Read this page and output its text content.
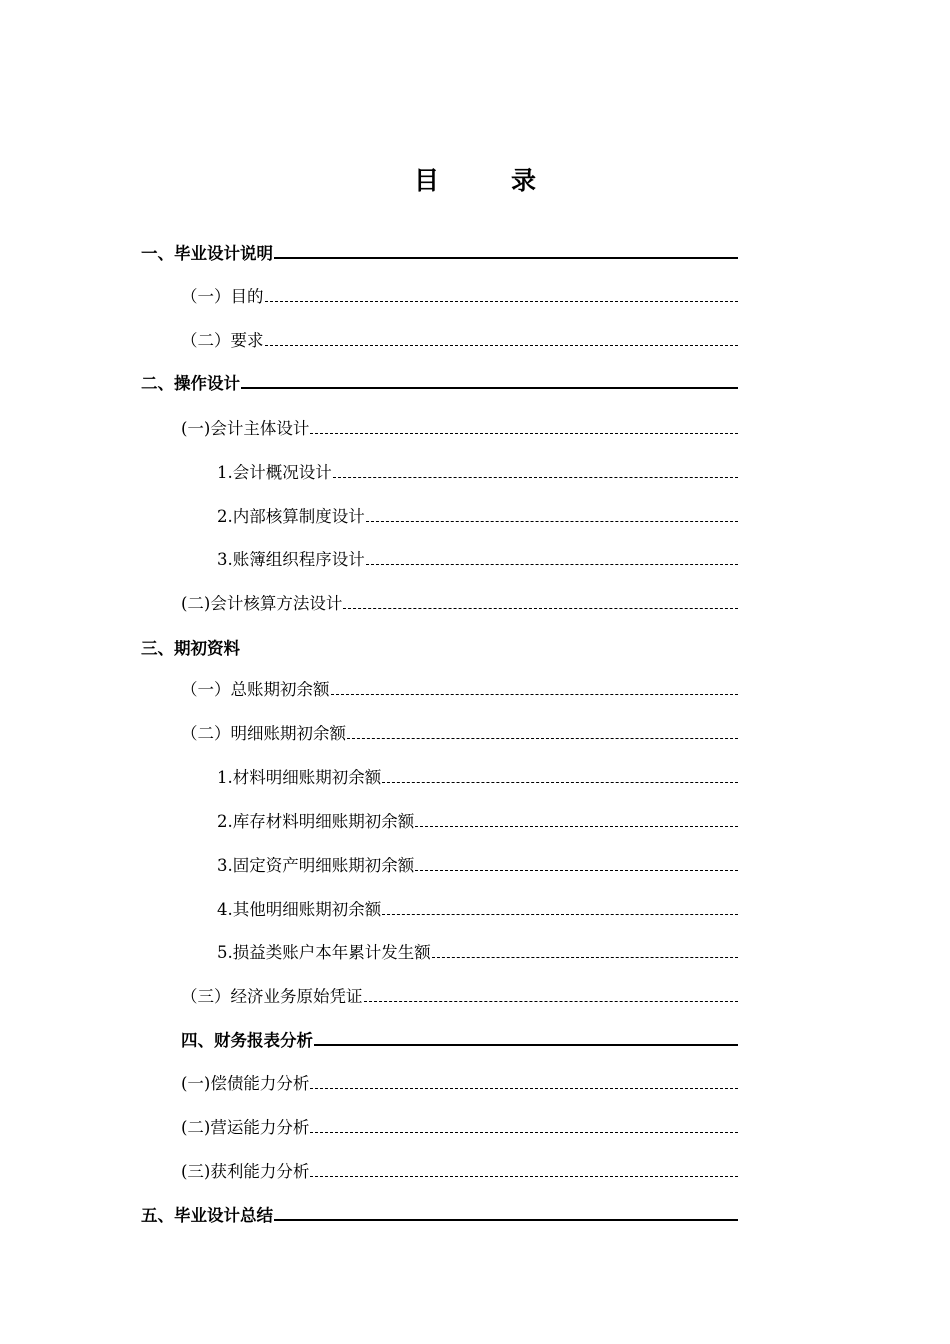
目	录
一、毕业设计说明
（一）目的
（二）要求
二、操作设计
(一)会计主体设计
1.会计概况设计
2.内部核算制度设计
3.账簿组织程序设计
(二)会计核算方法设计
三、期初资料
（一）总账期初余额
（二）明细账期初余额
1.材料明细账期初余额
2.库存材料明细账期初余额
3.固定资产明细账期初余额
4.其他明细账期初余额
5.损益类账户本年累计发生额
（三）经济业务原始凭证
四、财务报表分析
(一)偿债能力分析
(二)营运能力分析
(三)获利能力分析
五、毕业设计总结
